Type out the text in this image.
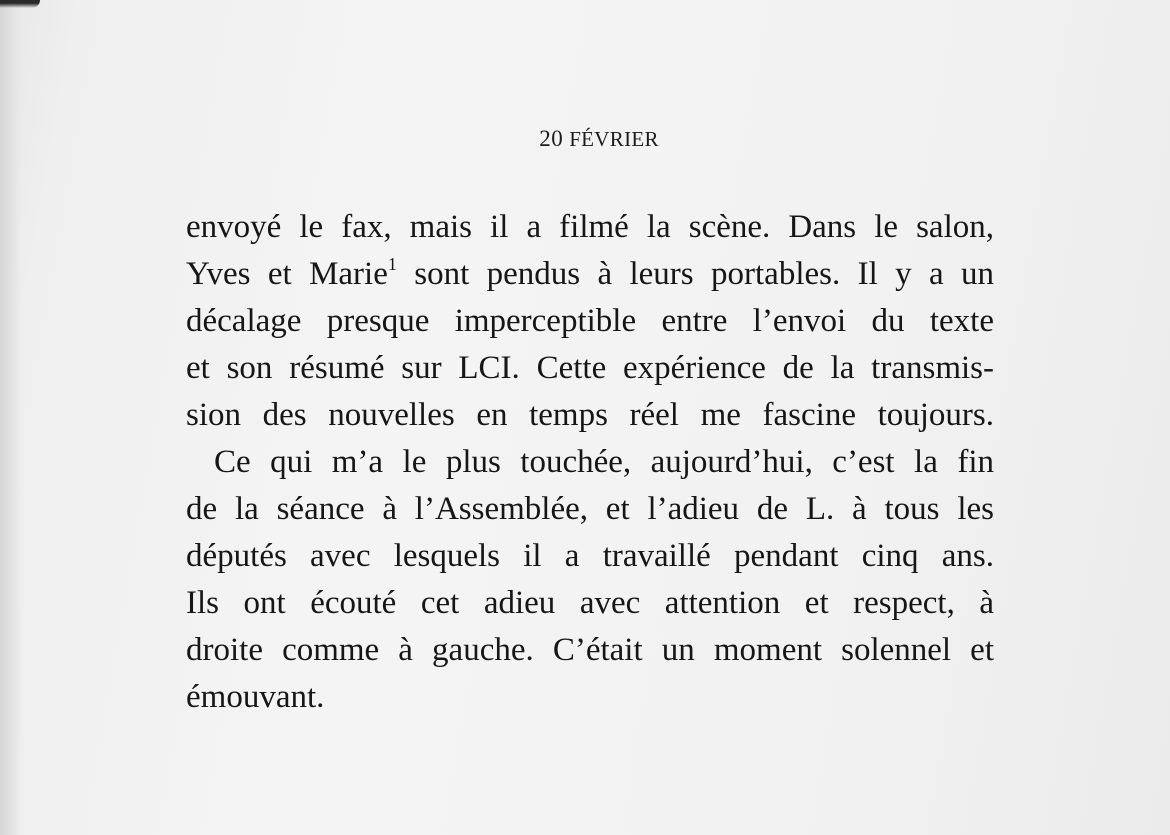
20 FÉVRIER
envoyé le fax, mais il a filmé la scène. Dans le salon,
Yves et Marie$^1$ sont pendus à leurs portables. Il y a un
décalage presque imperceptible entre l’envoi du texte
et son résumé sur LCI. Cette expérience de la transmis-
sion des nouvelles en temps réel me fascine toujours.
Ce qui m’a le plus touchée, aujourd’hui, c’est la fin
de la séance à l’Assemblée, et l’adieu de L. à tous les
députés avec lesquels il a travaillé pendant cinq ans.
Ils ont écouté cet adieu avec attention et respect, à
droite comme à gauche. C’était un moment solennel et
émouvant.
